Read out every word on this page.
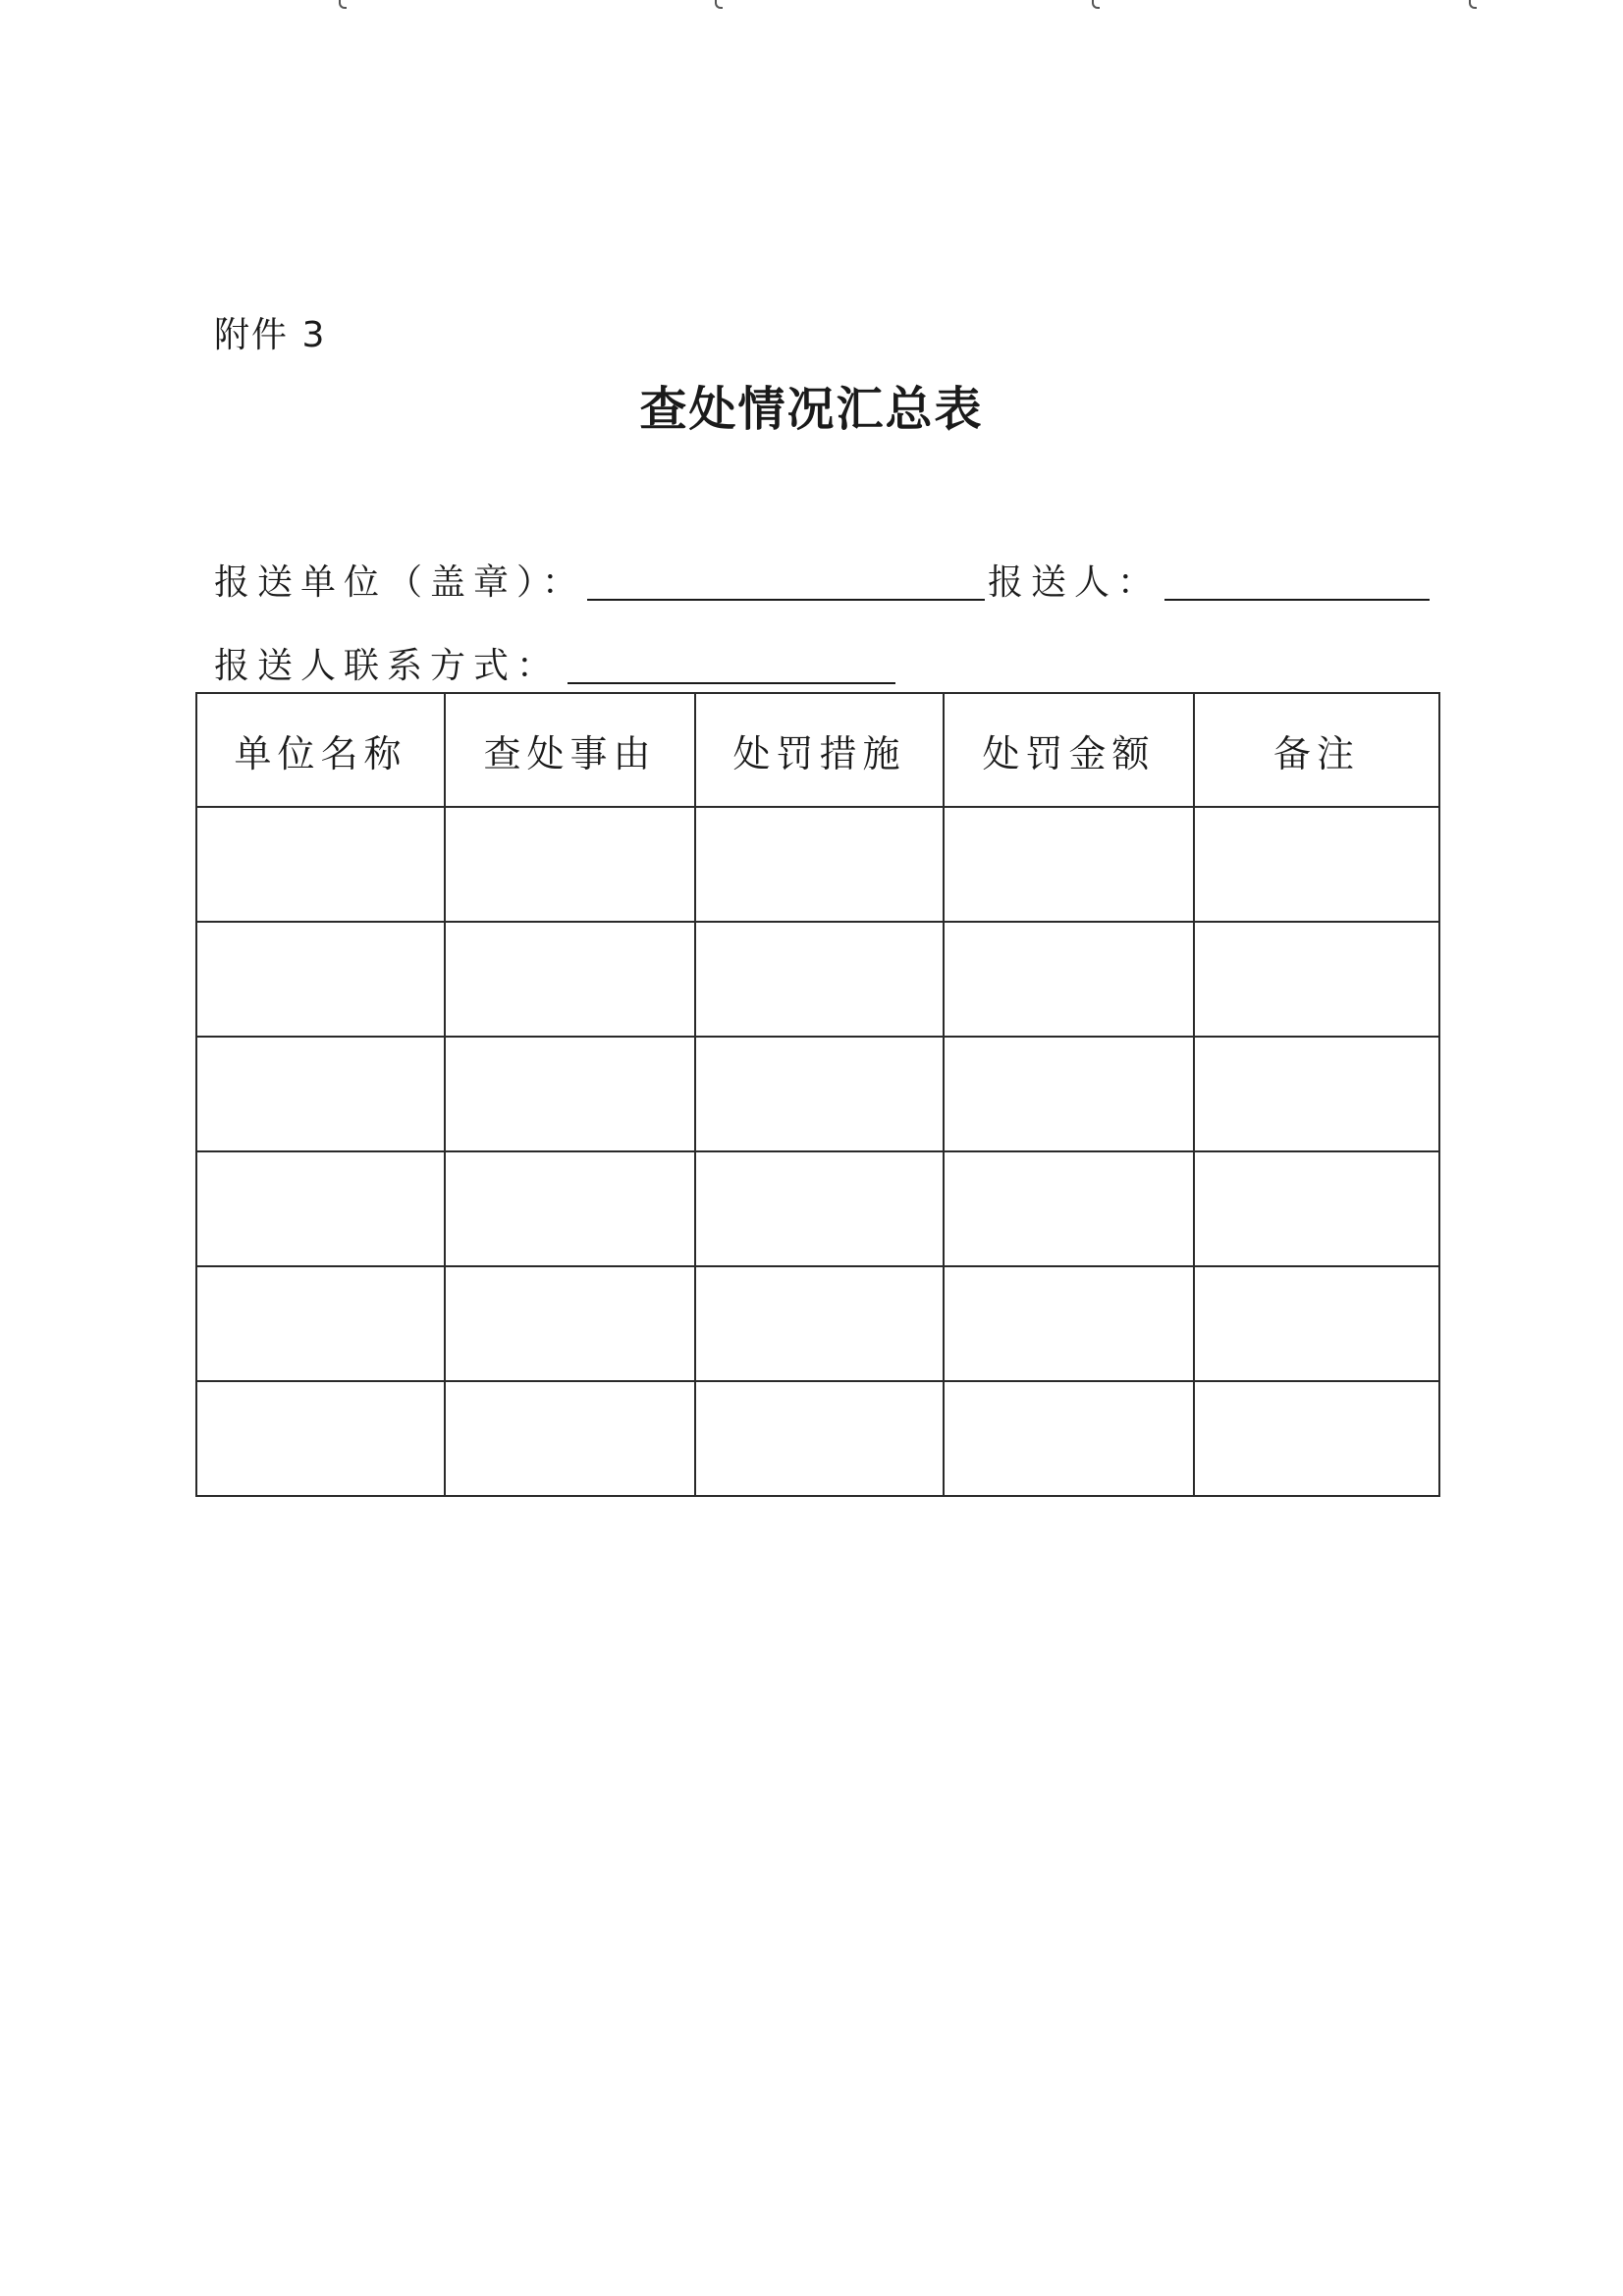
附件 3
查处情况汇总表
报送单位（盖章）：	报送人：
报送人联系方式：
单位名称	查处事由	处罚措施	处罚金额	备注
